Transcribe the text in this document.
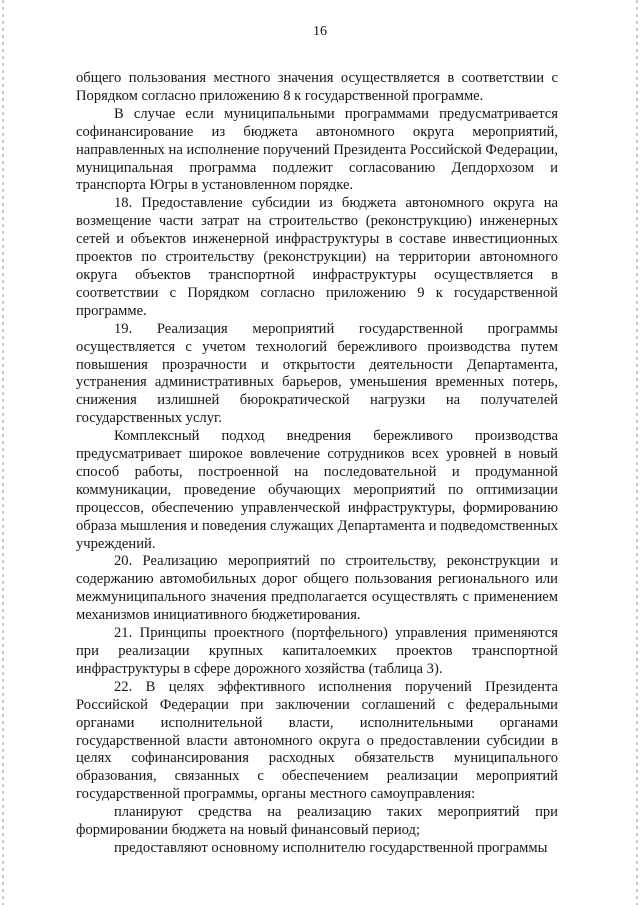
16

общего пользования местного значения осуществляется в соответствии с Порядком согласно приложению 8 к государственной программе.

В случае если муниципальными программами предусматривается софинансирование из бюджета автономного округа мероприятий, направленных на исполнение поручений Президента Российской Федерации, муниципальная программа подлежит согласованию Депдорхозом и транспорта Югры в установленном порядке.

18. Предоставление субсидии из бюджета автономного округа на возмещение части затрат на строительство (реконструкцию) инженерных сетей и объектов инженерной инфраструктуры в составе инвестиционных проектов по строительству (реконструкции) на территории автономного округа объектов транспортной инфраструктуры осуществляется в соответствии с Порядком согласно приложению 9 к государственной программе.

19. Реализация мероприятий государственной программы осуществляется с учетом технологий бережливого производства путем повышения прозрачности и открытости деятельности Департамента, устранения административных барьеров, уменьшения временных потерь, снижения излишней бюрократической нагрузки на получателей государственных услуг.

Комплексный подход внедрения бережливого производства предусматривает широкое вовлечение сотрудников всех уровней в новый способ работы, построенной на последовательной и продуманной коммуникации, проведение обучающих мероприятий по оптимизации процессов, обеспечению управленческой инфраструктуры, формированию образа мышления и поведения служащих Департамента и подведомственных учреждений.

20. Реализацию мероприятий по строительству, реконструкции и содержанию автомобильных дорог общего пользования регионального или межмуниципального значения предполагается осуществлять с применением механизмов инициативного бюджетирования.

21. Принципы проектного (портфельного) управления применяются при реализации крупных капиталоемких проектов транспортной инфраструктуры в сфере дорожного хозяйства (таблица 3).

22. В целях эффективного исполнения поручений Президента Российской Федерации при заключении соглашений с федеральными органами исполнительной власти, исполнительными органами государственной власти автономного округа о предоставлении субсидии в целях софинансирования расходных обязательств муниципального образования, связанных с обеспечением реализации мероприятий государственной программы, органы местного самоуправления:

планируют средства на реализацию таких мероприятий при формировании бюджета на новый финансовый период;

предоставляют основному исполнителю государственной программы
